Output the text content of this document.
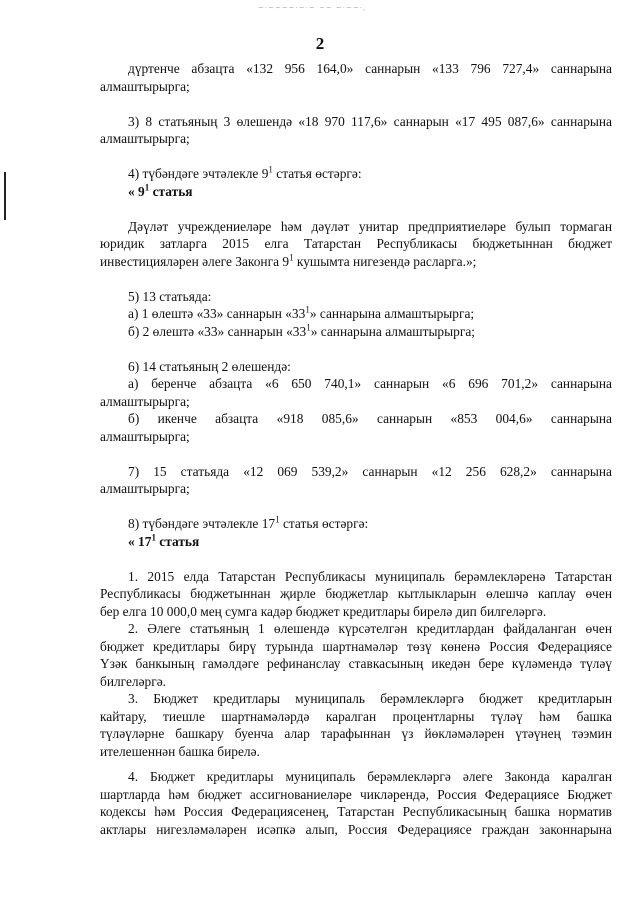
~·~~~~·~·~ ~~ ~·~~·,
2

дүртенче абзацта «132 956 164,0» саннарын «133 796 727,4» саннарына

алмаштырырга;

3) 8 статьяның 3 өлешендә «18 970 117,6» саннарын «17 495 087,6» саннарына

алмаштырырга;

4) түбәндәге эчтәлекле $9^1$ статья өстәргә:

« $9^1$ статья

Дәүләт учреждениеләре һәм дәүләт унитар предприятиеләре булып тормаган

юридик затларга 2015 елга Татарстан Республикасы бюджетыннан бюджет

инвестицияләрен әлеге Законга $9^1$ кушымта нигезендә расларга.»;

5) 13 статьяда:

а) 1 өлештә «33» саннарын «$33^1$» саннарына алмаштырырга;

б) 2 өлештә «33» саннарын «$33^1$» саннарына алмаштырырга;

6) 14 статьяның 2 өлешендә:

а) беренче абзацта «6 650 740,1» саннарын «6 696 701,2» саннарына

алмаштырырга;

б) икенче абзацта «918 085,6» саннарын «853 004,6» саннарына

алмаштырырга;

7) 15 статьяда «12 069 539,2» саннарын «12 256 628,2» саннарына

алмаштырырга;

8) түбәндәге эчтәлекле $17^1$ статья өстәргә:

« $17^1$ статья

1. 2015 елда Татарстан Республикасы муниципаль берәмлекләренә Татарстан

Республикасы бюджетыннан җирле бюджетлар кытлыкларын өлешчә каплау өчен

бер елга 10 000,0 мең сумга кадәр бюджет кредитлары бирелә дип билгеләргә.

2. Әлеге статьяның 1 өлешендә күрсәтелгән кредитлардан файдаланган өчен

бюджет кредитлары бирү турында шартнамәләр төзү көненә Россия Федерациясе

Үзәк банкының гамәлдәге рефинанслау ставкасының икедән бере күләмендә түләү

билгеләргә.

3. Бюджет кредитлары муниципаль берәмлекләргә бюджет кредитларын

кайтару, тиешле шартнамәләрдә каралган процентларны түләү һәм башка

түләүләрне башкару буенча алар тарафыннан үз йөкләмәләрен үтәүнең тәэмин

ителешеннән башка бирелә.

4. Бюджет кредитлары муниципаль берәмлекләргә әлеге Законда каралган

шартларда һәм бюджет ассигнованиеләре чикләрендә, Россия Федерациясе Бюджет

кодексы һәм Россия Федерациясенең, Татарстан Республикасының башка норматив

актлары нигезләмәләрен исәпкә алып, Россия Федерациясе граждан законнарына
